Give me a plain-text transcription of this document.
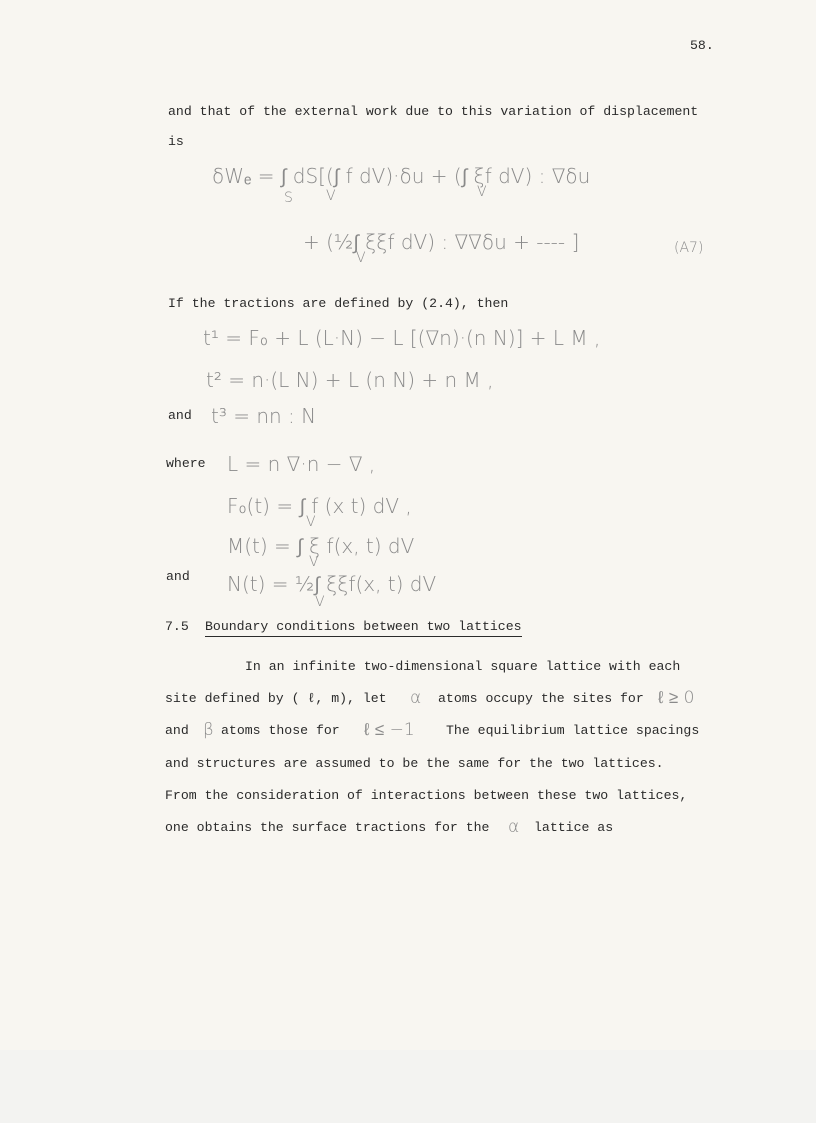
58.
and that of the external work due to this variation of displacement
is
δWₑ = ∫ dS[(∫ f dV)·δu + (∫ ξf dV) : ∇δu
S V	V
+ (½∫ ξξf dV) : ∇∇δu + ---- ]
V
(A7)
If the tractions are defined by (2.4), then
t¹ = F₀ + L (L·N) − L [(∇n)·(n N)] + L M ,
t² = n·(L N) + L (n N) + n M ,
and t³ = nn : N
where L = n ∇·n − ∇ ,
F₀(t) = ∫ f (x t) dV ,
V
M(t) = ∫ ξ f(x, t) dV
V
and N(t) = ½∫ ξξf(x, t) dV
V
7.5 Boundary conditions between two lattices
In an infinite two-dimensional square lattice with each
site defined by ( ℓ, m), let α atoms occupy the sites for ℓ ≥ 0
and β atoms those for ℓ ≤ −1 The equilibrium lattice spacings
and structures are assumed to be the same for the two lattices.
From the consideration of interactions between these two lattices,
one obtains the surface tractions for the α lattice as
